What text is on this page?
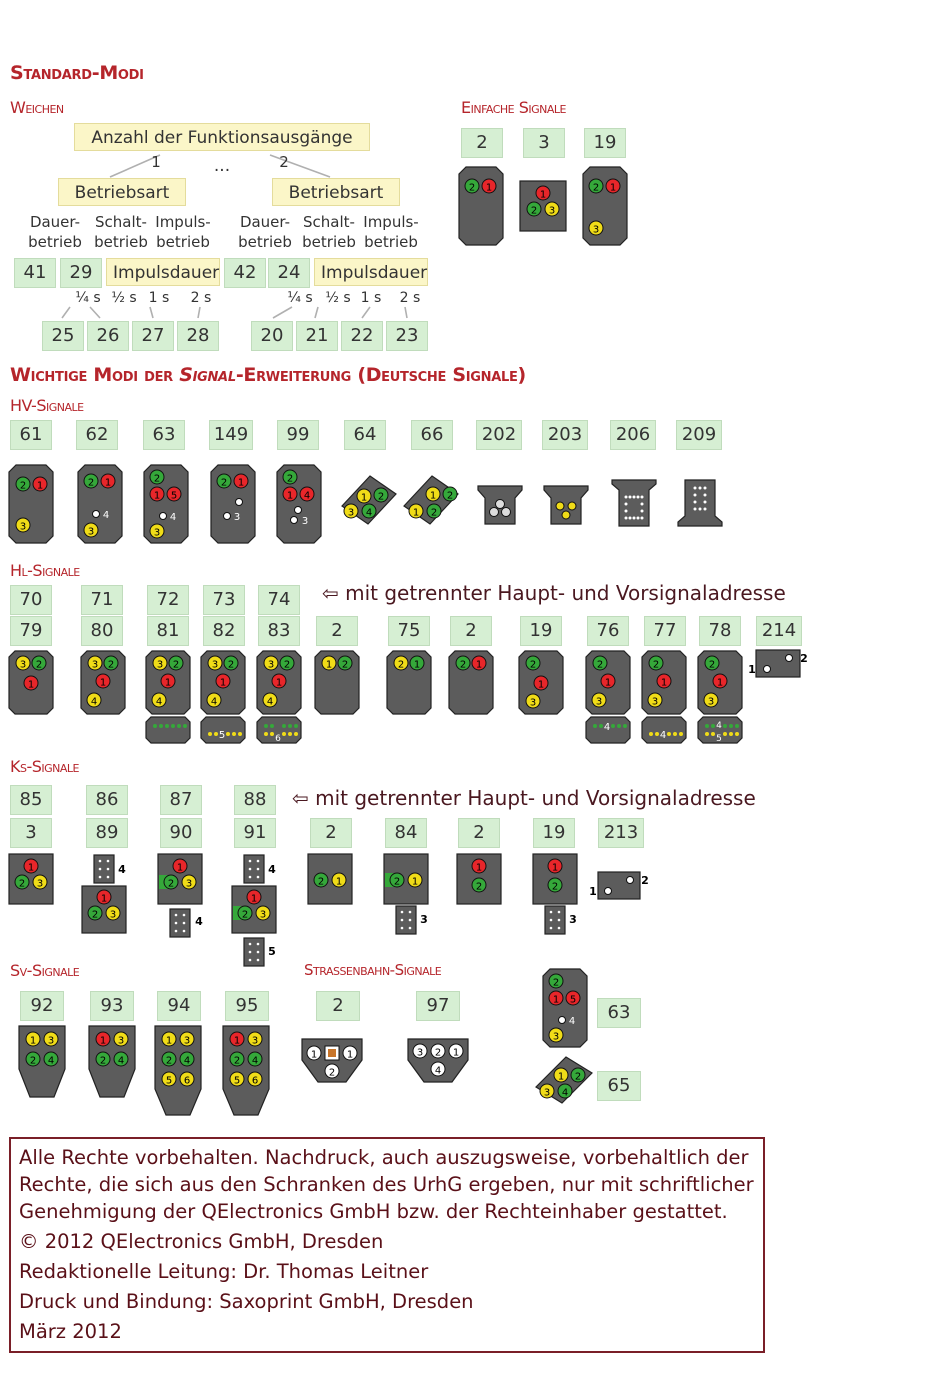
Standard-Modi
Weichen	Einfache Signale
Anzahl der Funktionsausgänge ...
1	2
Betriebsart	Betriebsart
Dauer-
betrieb
Schalt-
betrieb
Impuls-
betrieb
Dauer-
betrieb
Schalt-
betrieb
Impuls-
betrieb
41	29	Impulsdauer 42	24	Impulsdauer
¼ s ½ s 1 s	2 s	¼ s ½ s 1 s	2 s
25	26	27	28	20	21	22	23
2	3	19
2 1
1
2 3
2 1
3
Wichtige Modi der Signal-Erweiterung (Deutsche Signale)
HV-Signale
61	62	63	149	99	64	66	202	203	206	209
2 1
3
2 1
4
3
2
1 5
4
3
2 1
3
2
1 4
3
1 2
3 4
1 2
1 2
Hl-Signale
70	71	72	73	74	⇦ mit getrennter Haupt- und Vorsignaladresse
79	80	81	82	83	2	75	2	19	76	77	78	214
3 2
1
3 2
1
4
3 2
1
4
3 2
1
4
5
3 2
1
4
6
1 2	2 1	2 1	2
1
3
2
1
3
4
2
1
3
4
2
1
3
4
5
1
2
Ks-Signale
85	86	87	88	⇦ mit getrennter Haupt- und Vorsignaladresse
3	89	90	91	2	84	2	19	213
1
2 3
4
1
2 3
1
2 3
4
4
1
2 3
5
2 1	2 1
3
1
2
1
2
3
1
2
Sv-Signale	Strassenbahn-Signale
92	93	94	95	2	97
1 3
2 4
1 3
2 4
1 3
2 4
5 6
1 3
2 4
5 6
1	1
2
3 2 1
4
2
1 5
4
3
63
1 2
3 4	65
Alle Rechte vorbehalten. Nachdruck, auch auszugsweise, vorbehaltlich der
Rechte, die sich aus den Schranken des UrhG ergeben, nur mit schriftlicher
Genehmigung der QElectronics GmbH bzw. der Rechteinhaber gestattet.
© 2012 QElectronics GmbH, Dresden
Redaktionelle Leitung: Dr. Thomas Leitner
Druck und Bindung: Saxoprint GmbH, Dresden
März 2012
